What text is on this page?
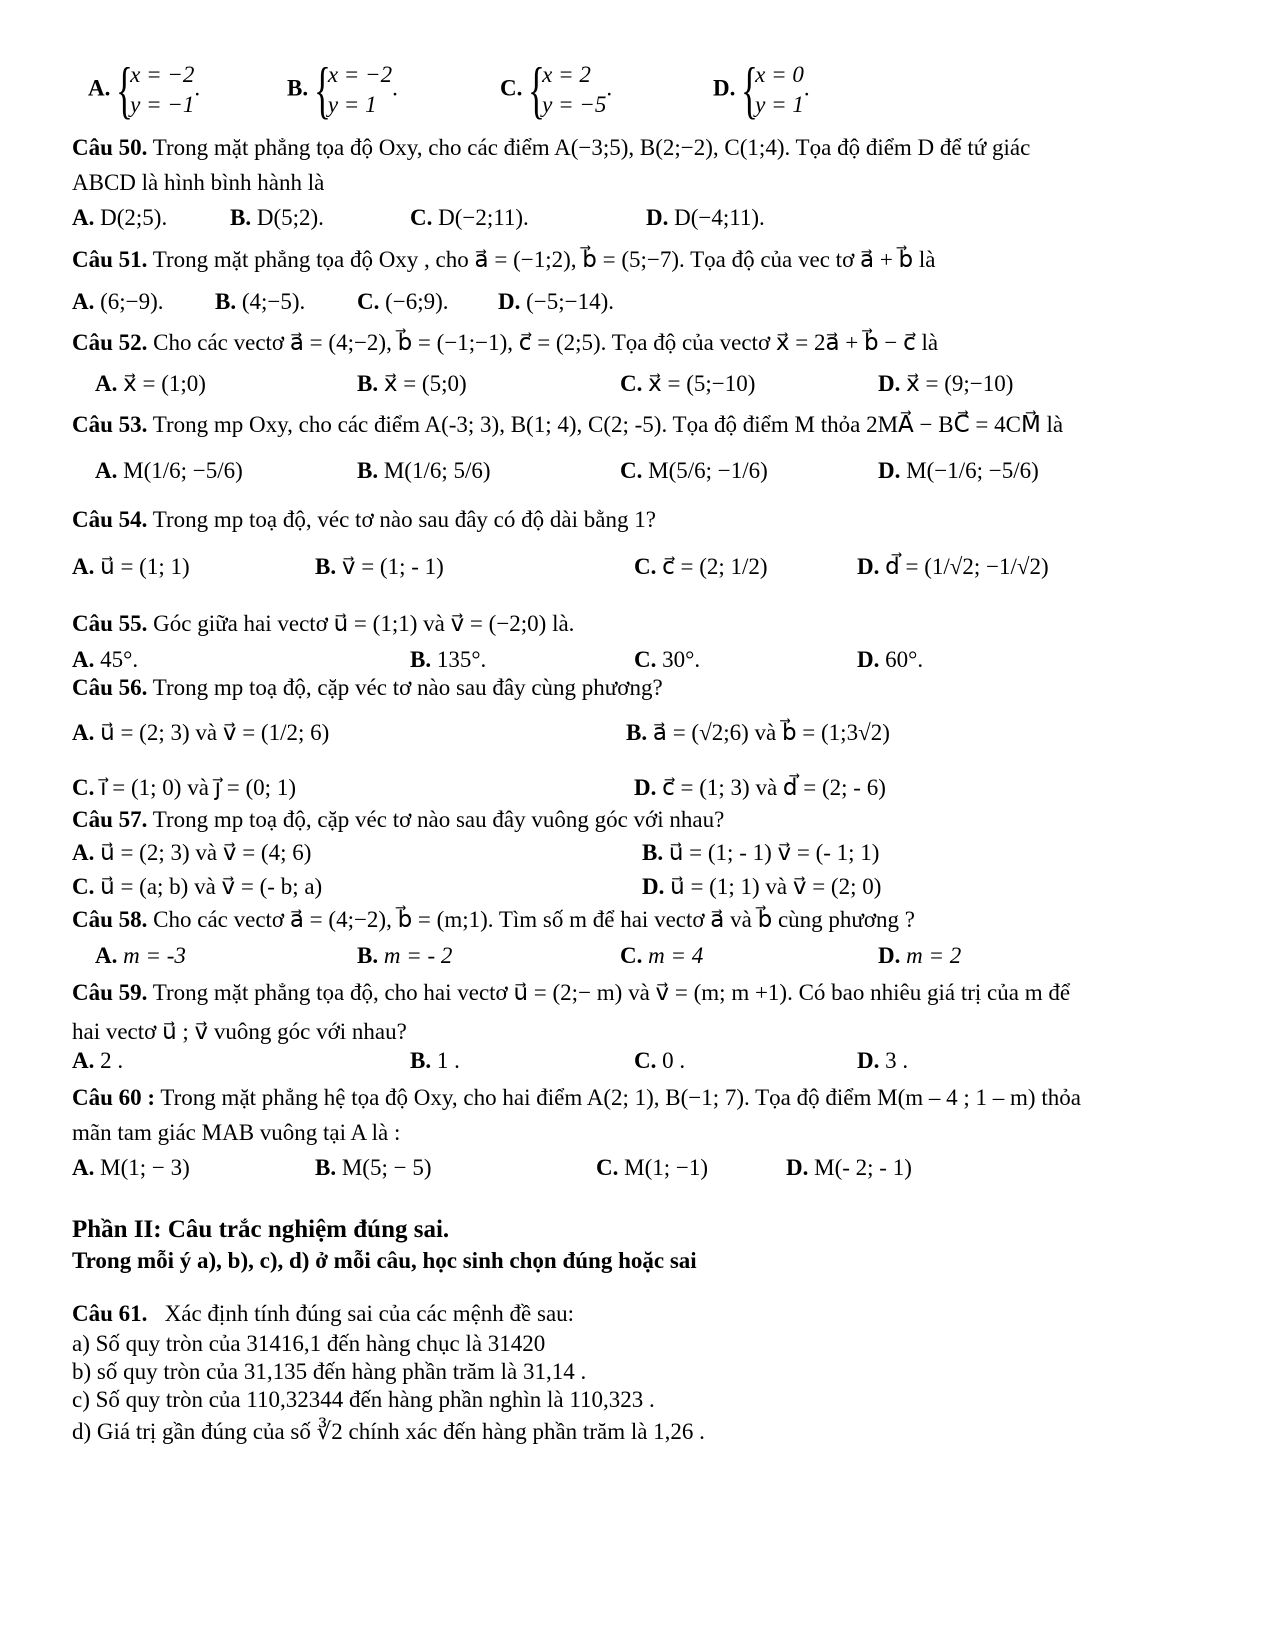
A. {
x = −2
y = −1
.	B. {
x = −2
y = 1
.	C. {
x = 2
y = −5
.	D. {
x = 0
y = 1
.
Câu 50. Trong mặt phẳng tọa độ Oxy, cho các điểm A(−3;5), B(2;−2), C(1;4). Tọa độ điểm D để tứ giác
ABCD là hình bình hành là
A. D(2;5).	B. D(5;2).	C. D(−2;11).	D. D(−4;11).
Câu 51. Trong mặt phẳng tọa độ Oxy , cho a⃗ = (−1;2), b⃗ = (5;−7). Tọa độ của vec tơ a⃗ + b⃗ là
A. (6;−9). B. (4;−5). C. (−6;9). D. (−5;−14).
Câu 52. Cho các vectơ a⃗ = (4;−2), b⃗ = (−1;−1), c⃗ = (2;5). Tọa độ của vectơ x⃗ = 2a⃗ + b⃗ − c⃗ là
A. x⃗ = (1;0)	B. x⃗ = (5;0)	C. x⃗ = (5;−10)	D. x⃗ = (9;−10)
Câu 53. Trong mp Oxy, cho các điểm A(-3; 3), B(1; 4), C(2; -5). Tọa độ điểm M thỏa 2MA⃗ − BC⃗ = 4CM⃗ là
A. M(1/6; −5/6)	B. M(1/6; 5/6)	C. M(5/6; −1/6)	D. M(−1/6; −5/6)
Câu 54. Trong mp toạ độ, véc tơ nào sau đây có độ dài bằng 1?
A. u⃗ = (1; 1)	B. v⃗ = (1; - 1)	C. c⃗ = (2; 1/2)	D. d⃗ = (1/√2; −1/√2)
Câu 55. Góc giữa hai vectơ u⃗ = (1;1) và v⃗ = (−2;0) là.
A. 45°.	B. 135°.	C. 30°.	D. 60°.
Câu 56. Trong mp toạ độ, cặp véc tơ nào sau đây cùng phương?
A. u⃗ = (2; 3) và v⃗ = (1/2; 6)	B. a⃗ = (√2;6) và b⃗ = (1;3√2)
C. i⃗ = (1; 0) và j⃗ = (0; 1)	D. c⃗ = (1; 3) và d⃗ = (2; - 6)
Câu 57. Trong mp toạ độ, cặp véc tơ nào sau đây vuông góc với nhau?
A. u⃗ = (2; 3) và v⃗ = (4; 6)	B. u⃗ = (1; - 1) v⃗ = (- 1; 1)
C. u⃗ = (a; b) và v⃗ = (- b; a)	D. u⃗ = (1; 1) và v⃗ = (2; 0)
Câu 58. Cho các vectơ a⃗ = (4;−2), b⃗ = (m;1). Tìm số m để hai vectơ a⃗ và b⃗ cùng phương ?
A. m = -3	B. m = - 2	C. m = 4	D. m = 2
Câu 59. Trong mặt phẳng tọa độ, cho hai vectơ u⃗ = (2;− m) và v⃗ = (m; m +1). Có bao nhiêu giá trị của m để
hai vectơ u⃗ ; v⃗ vuông góc với nhau?
A. 2 .	B. 1 .	C. 0 .	D. 3 .
Câu 60 : Trong mặt phẳng hệ tọa độ Oxy, cho hai điểm A(2; 1), B(−1; 7). Tọa độ điểm M(m – 4 ; 1 – m) thỏa
mãn tam giác MAB vuông tại A là :
A. M(1; − 3)	B. M(5; − 5)	C. M(1; −1)	D. M(- 2; - 1)
Phần II: Câu trắc nghiệm đúng sai.
Trong mỗi ý a), b), c), d) ở mỗi câu, học sinh chọn đúng hoặc sai
Câu 61. Xác định tính đúng sai của các mệnh đề sau:
a) Số quy tròn của 31416,1 đến hàng chục là 31420
b) số quy tròn của 31,135 đến hàng phần trăm là 31,14 .
c) Số quy tròn của 110,32344 đến hàng phần nghìn là 110,323 .
d) Giá trị gần đúng của số ∛2 chính xác đến hàng phần trăm là 1,26 .
